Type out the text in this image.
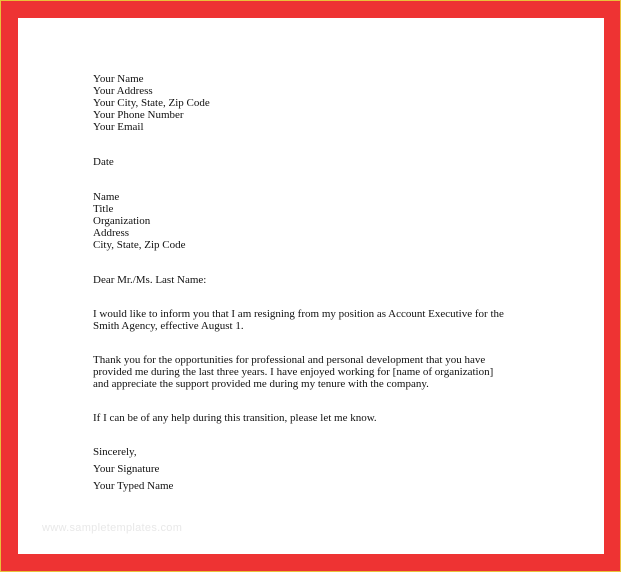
Your Name
Your Address
Your City, State, Zip Code
Your Phone Number
Your Email
Date
Name
Title
Organization
Address
City, State, Zip Code
Dear Mr./Ms. Last Name:
I would like to inform you that I am resigning from my position as Account Executive for the
Smith Agency, effective August 1.
Thank you for the opportunities for professional and personal development that you have
provided me during the last three years. I have enjoyed working for [name of organization]
and appreciate the support provided me during my tenure with the company.
If I can be of any help during this transition, please let me know.
Sincerely,
Your Signature
Your Typed Name
www.sampletemplates.com
